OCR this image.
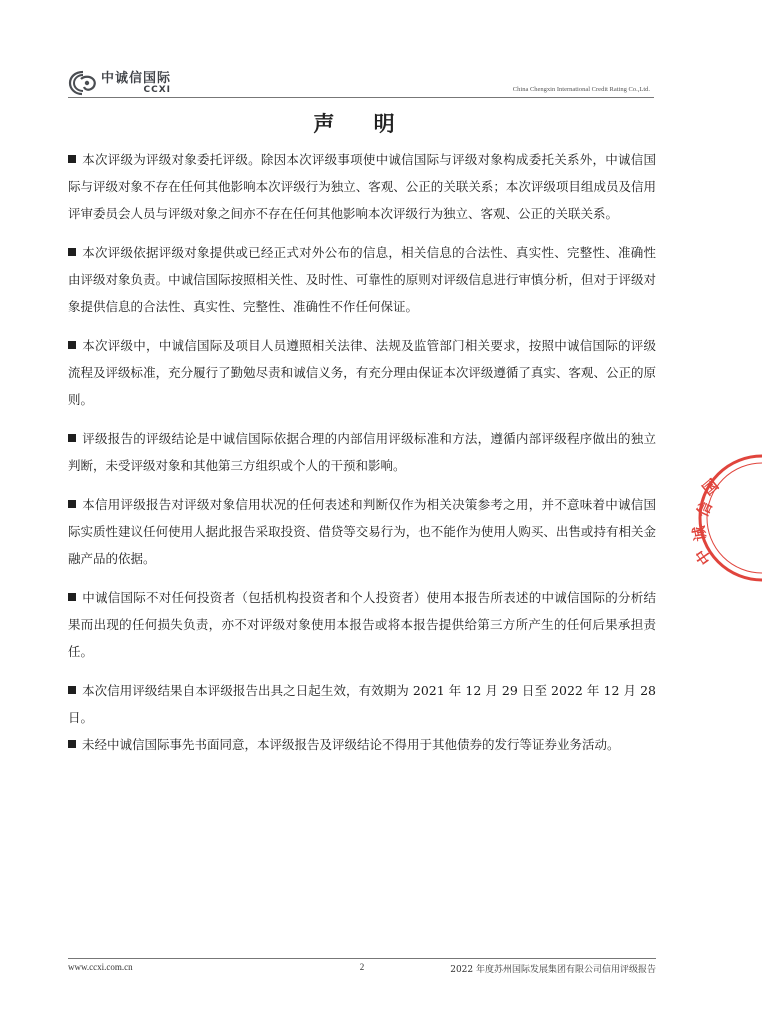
中诚信国际
CCXI	China Chengxin International Credit Rating Co.,Ltd.
声 明

本次评级为评级对象委托评级。除因本次评级事项使中诚信国际与评级对象构成委托关系外，中诚信国际与评级对象不存在任何其他影响本次评级行为独立、客观、公正的关联关系；本次评级项目组成员及信用评审委员会人员与评级对象之间亦不存在任何其他影响本次评级行为独立、客观、公正的关联关系。

本次评级依据评级对象提供或已经正式对外公布的信息，相关信息的合法性、真实性、完整性、准确性由评级对象负责。中诚信国际按照相关性、及时性、可靠性的原则对评级信息进行审慎分析，但对于评级对象提供信息的合法性、真实性、完整性、准确性不作任何保证。

本次评级中，中诚信国际及项目人员遵照相关法律、法规及监管部门相关要求，按照中诚信国际的评级流程及评级标准，充分履行了勤勉尽责和诚信义务，有充分理由保证本次评级遵循了真实、客观、公正的原则。

评级报告的评级结论是中诚信国际依据合理的内部信用评级标准和方法，遵循内部评级程序做出的独立判断，未受评级对象和其他第三方组织或个人的干预和影响。

本信用评级报告对评级对象信用状况的任何表述和判断仅作为相关决策参考之用，并不意味着中诚信国际实质性建议任何使用人据此报告采取投资、借贷等交易行为，也不能作为使用人购买、出售或持有相关金融产品的依据。

中诚信国际不对任何投资者（包括机构投资者和个人投资者）使用本报告所表述的中诚信国际的分析结果而出现的任何损失负责，亦不对评级对象使用本报告或将本报告提供给第三方所产生的任何后果承担责任。

本次信用评级结果自本评级报告出具之日起生效，有效期为 2021 年 12 月 29 日至 2022 年 12 月 28 日。

未经中诚信国际事先书面同意，本评级报告及评级结论不得用于其他债券的发行等证券业务活动。

国
信
诚
中
www.ccxi.com.cn	2	2022 年度苏州国际发展集团有限公司信用评级报告
